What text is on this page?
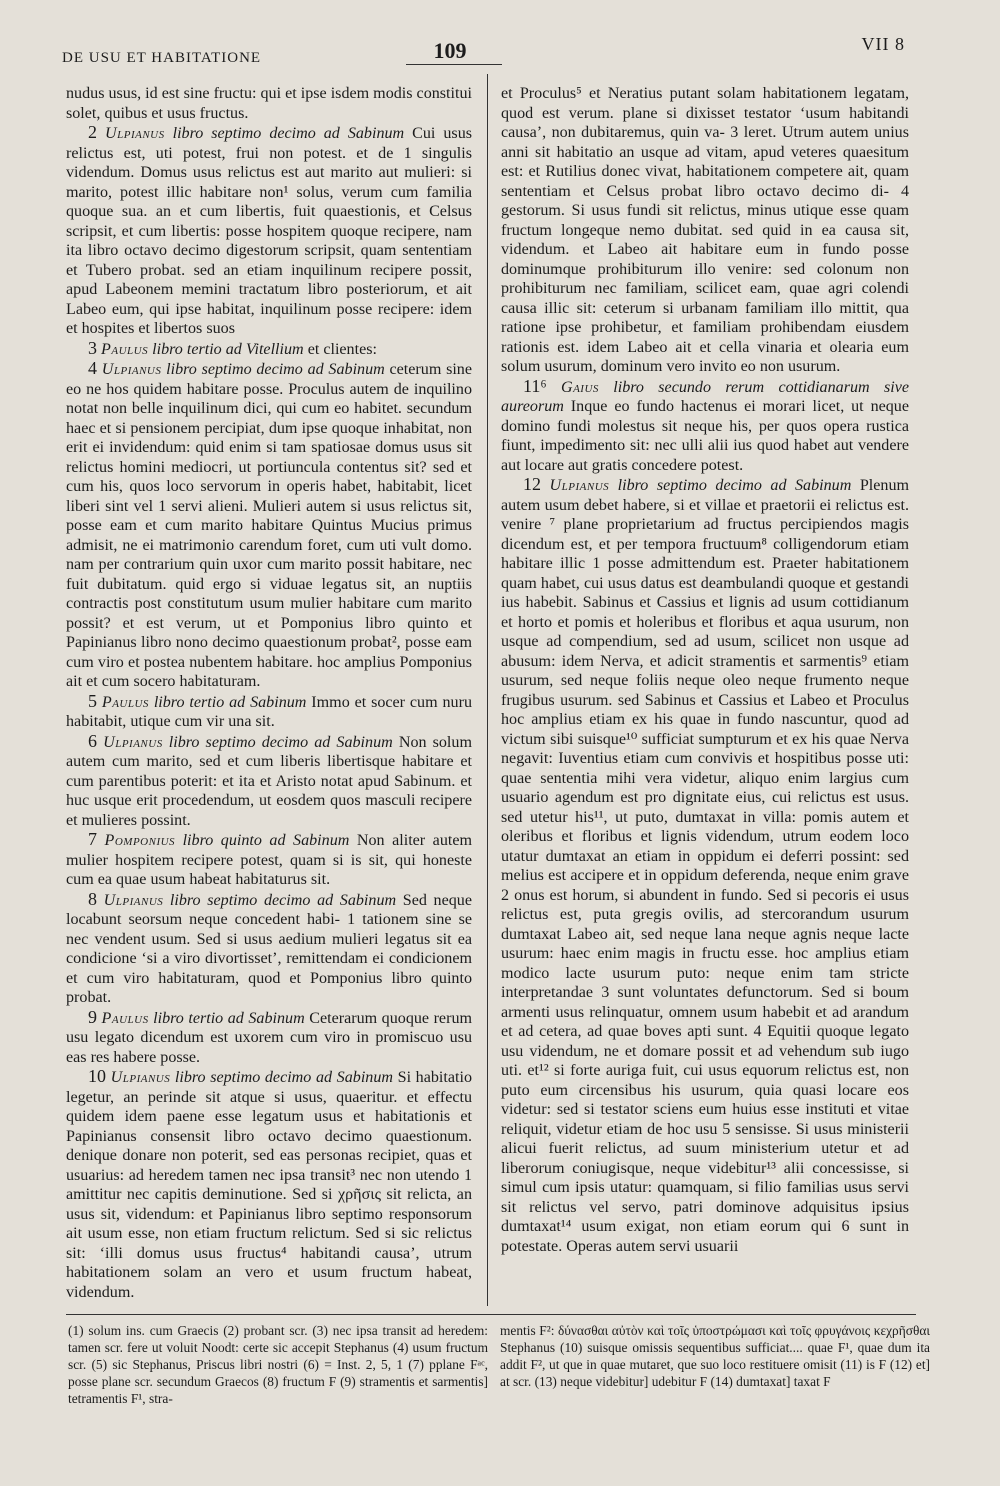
DE USU ET HABITATIONE	109	VII 8

nudus usus, id est sine fructu: qui et ipse isdem modis constitui solet, quibus et usus fructus.

2 Ulpianus libro septimo decimo ad Sabinum Cui usus relictus est, uti potest, frui non potest. et de 1 singulis videndum. Domus usus relictus est aut marito aut mulieri: si marito, potest illic habitare non¹ solus, verum cum familia quoque sua. an et cum libertis, fuit quaestionis, et Celsus scripsit, et cum libertis: posse hospitem quoque recipere, nam ita libro octavo decimo digestorum scripsit, quam sententiam et Tubero probat. sed an etiam inquilinum recipere possit, apud Labeonem memini tractatum libro posteriorum, et ait Labeo eum, qui ipse habitat, inquilinum posse recipere: idem et hospites et libertos suos

3 Paulus libro tertio ad Vitellium et clientes:

4 Ulpianus libro septimo decimo ad Sabinum ceterum sine eo ne hos quidem habitare posse. Proculus autem de inquilino notat non belle inquilinum dici, qui cum eo habitet. secundum haec et si pensionem percipiat, dum ipse quoque inhabitat, non erit ei invidendum: quid enim si tam spatiosae domus usus sit relictus homini mediocri, ut portiuncula contentus sit? sed et cum his, quos loco servorum in operis habet, habitabit, licet liberi sint vel 1 servi alieni. Mulieri autem si usus relictus sit, posse eam et cum marito habitare Quintus Mucius primus admisit, ne ei matrimonio carendum foret, cum uti vult domo. nam per contrarium quin uxor cum marito possit habitare, nec fuit dubitatum. quid ergo si viduae legatus sit, an nuptiis contractis post constitutum usum mulier habitare cum marito possit? et est verum, ut et Pomponius libro quinto et Papinianus libro nono decimo quaestionum probat², posse eam cum viro et postea nubentem habitare. hoc amplius Pomponius ait et cum socero habitaturam.

5 Paulus libro tertio ad Sabinum Immo et socer cum nuru habitabit, utique cum vir una sit.

6 Ulpianus libro septimo decimo ad Sabinum Non solum autem cum marito, sed et cum liberis libertisque habitare et cum parentibus poterit: et ita et Aristo notat apud Sabinum. et huc usque erit procedendum, ut eosdem quos masculi recipere et mulieres possint.

7 Pomponius libro quinto ad Sabinum Non aliter autem mulier hospitem recipere potest, quam si is sit, qui honeste cum ea quae usum habeat habitaturus sit.

8 Ulpianus libro septimo decimo ad Sabinum Sed neque locabunt seorsum neque concedent habi- 1 tationem sine se nec vendent usum. Sed si usus aedium mulieri legatus sit ea condicione ‘si a viro divortisset’, remittendam ei condicionem et cum viro habitaturam, quod et Pomponius libro quinto probat.

9 Paulus libro tertio ad Sabinum Ceterarum quoque rerum usu legato dicendum est uxorem cum viro in promiscuo usu eas res habere posse.

10 Ulpianus libro septimo decimo ad Sabinum Si habitatio legetur, an perinde sit atque si usus, quaeritur. et effectu quidem idem paene esse legatum usus et habitationis et Papinianus consensit libro octavo decimo quaestionum. denique donare non poterit, sed eas personas recipiet, quas et usuarius: ad heredem tamen nec ipsa transit³ nec non utendo 1 amittitur nec capitis deminutione. Sed si χρῆσις sit relicta, an usus sit, videndum: et Papinianus libro septimo responsorum ait usum esse, non etiam fructum relictum. Sed si sic relictus sit: ‘illi domus usus fructus⁴ habitandi causa’, utrum habitationem solam an vero et usum fructum habeat, videndum.

et Proculus⁵ et Neratius putant solam habitationem legatam, quod est verum. plane si dixisset testator ‘usum habitandi causa’, non dubitaremus, quin va- 3 leret. Utrum autem unius anni sit habitatio an usque ad vitam, apud veteres quaesitum est: et Rutilius donec vivat, habitationem competere ait, quam sententiam et Celsus probat libro octavo decimo di- 4 gestorum. Si usus fundi sit relictus, minus utique esse quam fructum longeque nemo dubitat. sed quid in ea causa sit, videndum. et Labeo ait habitare eum in fundo posse dominumque prohibiturum illo venire: sed colonum non prohibiturum nec familiam, scilicet eam, quae agri colendi causa illic sit: ceterum si urbanam familiam illo mittit, qua ratione ipse prohibetur, et familiam prohibendam eiusdem rationis est. idem Labeo ait et cella vinaria et olearia eum solum usurum, dominum vero invito eo non usurum.

11⁶ Gaius libro secundo rerum cottidianarum sive aureorum Inque eo fundo hactenus ei morari licet, ut neque domino fundi molestus sit neque his, per quos opera rustica fiunt, impedimento sit: nec ulli alii ius quod habet aut vendere aut locare aut gratis concedere potest.

12 Ulpianus libro septimo decimo ad Sabinum Plenum autem usum debet habere, si et villae et praetorii ei relictus est. venire ⁷ plane proprietarium ad fructus percipiendos magis dicendum est, et per tempora fructuum⁸ colligendorum etiam habitare illic 1 posse admittendum est. Praeter habitationem quam habet, cui usus datus est deambulandi quoque et gestandi ius habebit. Sabinus et Cassius et lignis ad usum cottidianum et horto et pomis et holeribus et floribus et aqua usurum, non usque ad compendium, sed ad usum, scilicet non usque ad abusum: idem Nerva, et adicit stramentis et sarmentis⁹ etiam usurum, sed neque foliis neque oleo neque frumento neque frugibus usurum. sed Sabinus et Cassius et Labeo et Proculus hoc amplius etiam ex his quae in fundo nascuntur, quod ad victum sibi suisque¹⁰ sufficiat sumpturum et ex his quae Nerva negavit: Iuventius etiam cum convivis et hospitibus posse uti: quae sententia mihi vera videtur, aliquo enim largius cum usuario agendum est pro dignitate eius, cui relictus est usus. sed utetur his¹¹, ut puto, dumtaxat in villa: pomis autem et oleribus et floribus et lignis videndum, utrum eodem loco utatur dumtaxat an etiam in oppidum ei deferri possint: sed melius est accipere et in oppidum deferenda, neque enim grave 2 onus est horum, si abundent in fundo. Sed si pecoris ei usus relictus est, puta gregis ovilis, ad stercorandum usurum dumtaxat Labeo ait, sed neque lana neque agnis neque lacte usurum: haec enim magis in fructu esse. hoc amplius etiam modico lacte usurum puto: neque enim tam stricte interpretandae 3 sunt voluntates defunctorum. Sed si boum armenti usus relinquatur, omnem usum habebit et ad arandum et ad cetera, ad quae boves apti sunt. 4 Equitii quoque legato usu videndum, ne et domare possit et ad vehendum sub iugo uti. et¹² si forte auriga fuit, cui usus equorum relictus est, non puto eum circensibus his usurum, quia quasi locare eos videtur: sed si testator sciens eum huius esse instituti et vitae reliquit, videtur etiam de hoc usu 5 sensisse. Si usus ministerii alicui fuerit relictus, ad suum ministerium utetur et ad liberorum coniugisque, neque videbitur¹³ alii concessisse, si simul cum ipsis utatur: quamquam, si filio familias usus servi sit relictus vel servo, patri dominove adquisitus ipsius dumtaxat¹⁴ usum exigat, non etiam eorum qui 6 sunt in potestate. Operas autem servi usuarii

(1) solum ins. cum Graecis (2) probant scr. (3) nec ipsa transit ad heredem: tamen scr. fere ut voluit Noodt: certe sic accepit Stephanus (4) usum fructum scr. (5) sic Stephanus, Priscus libri nostri (6) = Inst. 2, 5, 1 (7) pplane Fᵃᶜ, posse plane scr. secundum Graecos (8) fructum F (9) stramentis et sarmentis] tetramentis F¹, stra-

mentis F²: δύνασθαι αὐτὸν καὶ τοῖς ὑποστρώμασι καὶ τοῖς φρυγάνοις κεχρῆσθαι Stephanus (10) suisque omissis sequentibus sufficiat.... quae F¹, quae dum ita addit F², ut que in quae mutaret, que suo loco restituere omisit (11) is F (12) et] at scr. (13) neque videbitur] udebitur F (14) dumtaxat] taxat F
